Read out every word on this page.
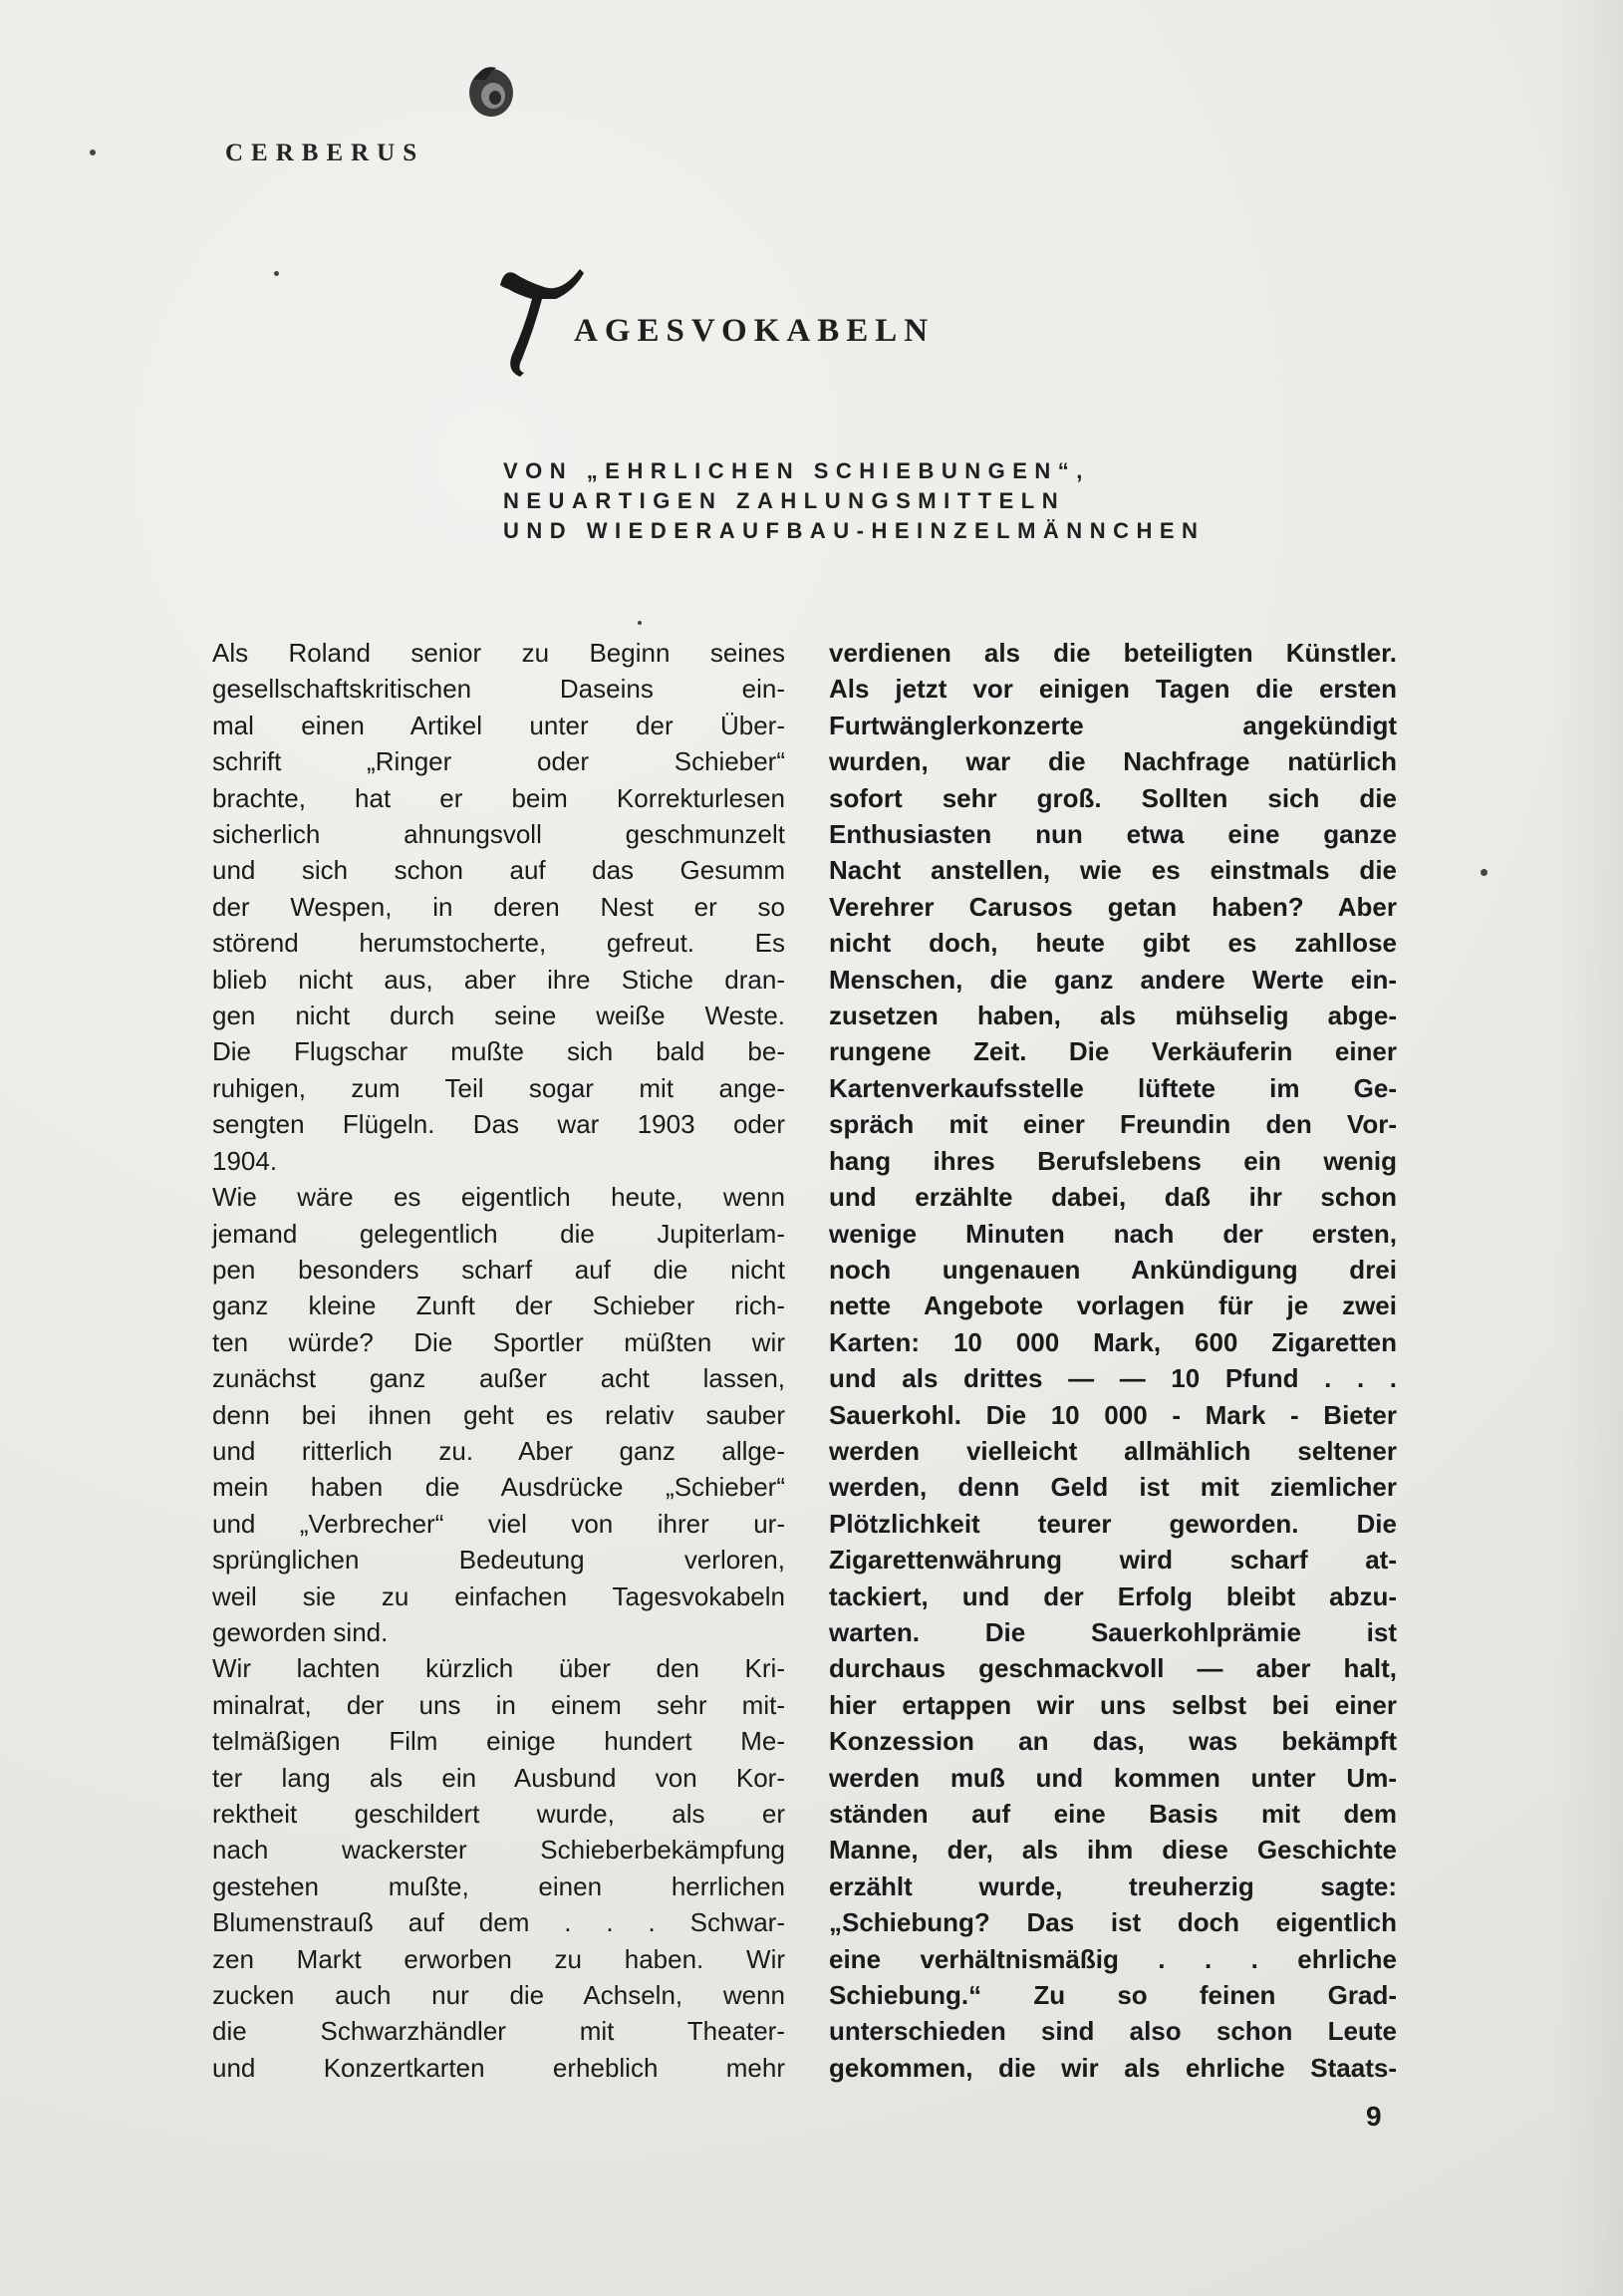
CERBERUS
AGESVOKABELN
VON „EHRLICHEN SCHIEBUNGEN“,
NEUARTIGEN ZAHLUNGSMITTELN
UND WIEDERAUFBAU-HEINZELMÄNNCHEN
Als Roland senior zu Beginn seines
gesellschaftskritischen Daseins ein-
mal einen Artikel unter der Über-
schrift „Ringer oder Schieber“
brachte, hat er beim Korrekturlesen
sicherlich ahnungsvoll geschmunzelt
und sich schon auf das Gesumm
der Wespen, in deren Nest er so
störend herumstocherte, gefreut. Es
blieb nicht aus, aber ihre Stiche dran-
gen nicht durch seine weiße Weste.
Die Flugschar mußte sich bald be-
ruhigen, zum Teil sogar mit ange-
sengten Flügeln. Das war 1903 oder
1904.
Wie wäre es eigentlich heute, wenn
jemand gelegentlich die Jupiterlam-
pen besonders scharf auf die nicht
ganz kleine Zunft der Schieber rich-
ten würde? Die Sportler müßten wir
zunächst ganz außer acht lassen,
denn bei ihnen geht es relativ sauber
und ritterlich zu. Aber ganz allge-
mein haben die Ausdrücke „Schieber“
und „Verbrecher“ viel von ihrer ur-
sprünglichen Bedeutung verloren,
weil sie zu einfachen Tagesvokabeln
geworden sind.
Wir lachten kürzlich über den Kri-
minalrat, der uns in einem sehr mit-
telmäßigen Film einige hundert Me-
ter lang als ein Ausbund von Kor-
rektheit geschildert wurde, als er
nach wackerster Schieberbekämpfung
gestehen mußte, einen herrlichen
Blumenstrauß auf dem . . . Schwar-
zen Markt erworben zu haben. Wir
zucken auch nur die Achseln, wenn
die Schwarzhändler mit Theater-
und Konzertkarten erheblich mehr
verdienen als die beteiligten Künstler.
Als jetzt vor einigen Tagen die ersten
Furtwänglerkonzerte angekündigt
wurden, war die Nachfrage natürlich
sofort sehr groß. Sollten sich die
Enthusiasten nun etwa eine ganze
Nacht anstellen, wie es einstmals die
Verehrer Carusos getan haben? Aber
nicht doch, heute gibt es zahllose
Menschen, die ganz andere Werte ein-
zusetzen haben, als mühselig abge-
rungene Zeit. Die Verkäuferin einer
Kartenverkaufsstelle lüftete im Ge-
spräch mit einer Freundin den Vor-
hang ihres Berufslebens ein wenig
und erzählte dabei, daß ihr schon
wenige Minuten nach der ersten,
noch ungenauen Ankündigung drei
nette Angebote vorlagen für je zwei
Karten: 10 000 Mark, 600 Zigaretten
und als drittes — — 10 Pfund . . .
Sauerkohl. Die 10 000 - Mark - Bieter
werden vielleicht allmählich seltener
werden, denn Geld ist mit ziemlicher
Plötzlichkeit teurer geworden. Die
Zigarettenwährung wird scharf at-
tackiert, und der Erfolg bleibt abzu-
warten. Die Sauerkohlprämie ist
durchaus geschmackvoll — aber halt,
hier ertappen wir uns selbst bei einer
Konzession an das, was bekämpft
werden muß und kommen unter Um-
ständen auf eine Basis mit dem
Manne, der, als ihm diese Geschichte
erzählt wurde, treuherzig sagte:
„Schiebung? Das ist doch eigentlich
eine verhältnismäßig . . . ehrliche
Schiebung.“ Zu so feinen Grad-
unterschieden sind also schon Leute
gekommen, die wir als ehrliche Staats-
9
